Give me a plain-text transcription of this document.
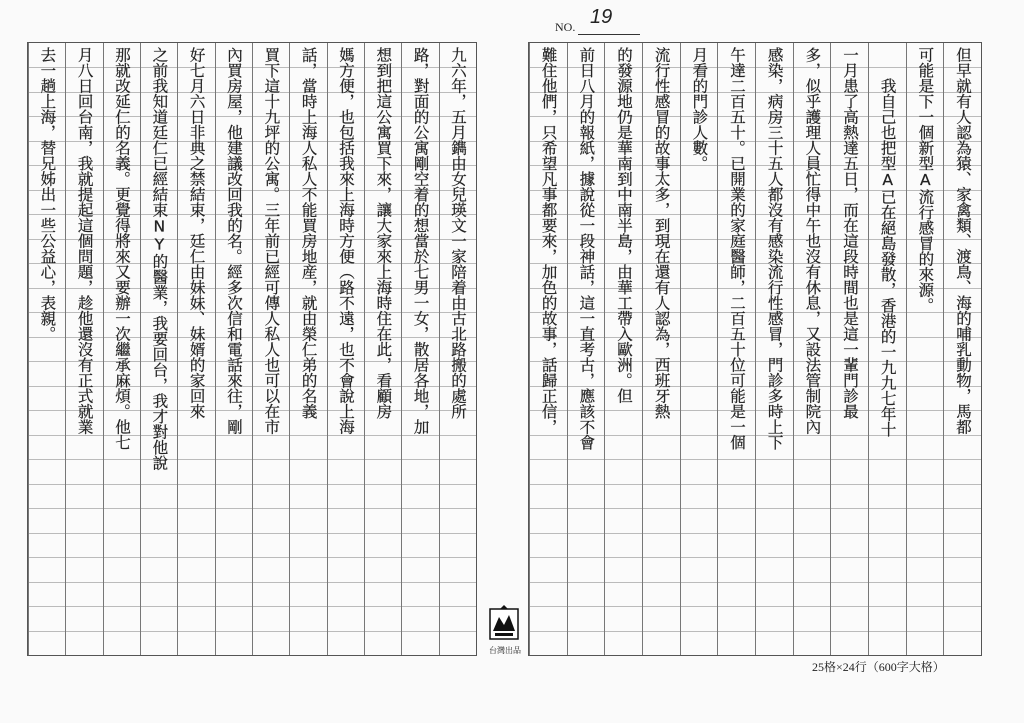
NO. 19
九六年，五月鐫由女兒瑛文一家陪着由古北路搬的處所
路，對面的公寓剛空着的想當於七男一女，散居各地，加
想到把這公寓買下來，讓大家來上海時住在此，看顧房
媽方便，也包括我來上海時方便（路不遠，也不會說上海
話，當時上海人私人不能買房地産，就由榮仁弟的名義
買下這十九坪的公寓。三年前已經可傳人私人也可以在市
內買房屋，他建議改回我的名。經多次信和電話來往，剛
好七月六日非典之禁結束，廷仁由妹妹、妹婿的家回來
之前我知道廷仁已經結束NY的醫業，我要回台，我才對他說
那就改延仁的名義。更覺得將來又要辦一次繼承麻煩。他七
月八日回台南，我就提起這個問題，趁他還沒有正式就業
去一趟上海，替兄姊出一些公益心，表親。	但早就有人認為猿、家禽類、渡鳥、海的哺乳動物，馬都
可能是下一個新型A流行感冒的來源。
　　我自己也把型A已在絕島發散，香港的一九九七年十
一月患了高熱達五日，而在這段時間也是這一輩門診最
多，似乎護理人員忙得中午也沒有休息，又設法管制院內
感染，病房三十五人都沒有感染流行性感冒，門診多時上下
午達二百五十。已開業的家庭醫師，二百五十位可能是一個
月看的門診人數。
流行性感冒的故事太多，到現在還有人認為，西班牙熱
的發源地仍是華南到中南半島，由華工帶入歐洲。但
前日八月的報紙，據說從一段神話，這一直考古，應該不會
難住他們，只希望凡事都要來，加色的故事，話歸正信，
台灣出品
25格×24行（600字大格）
